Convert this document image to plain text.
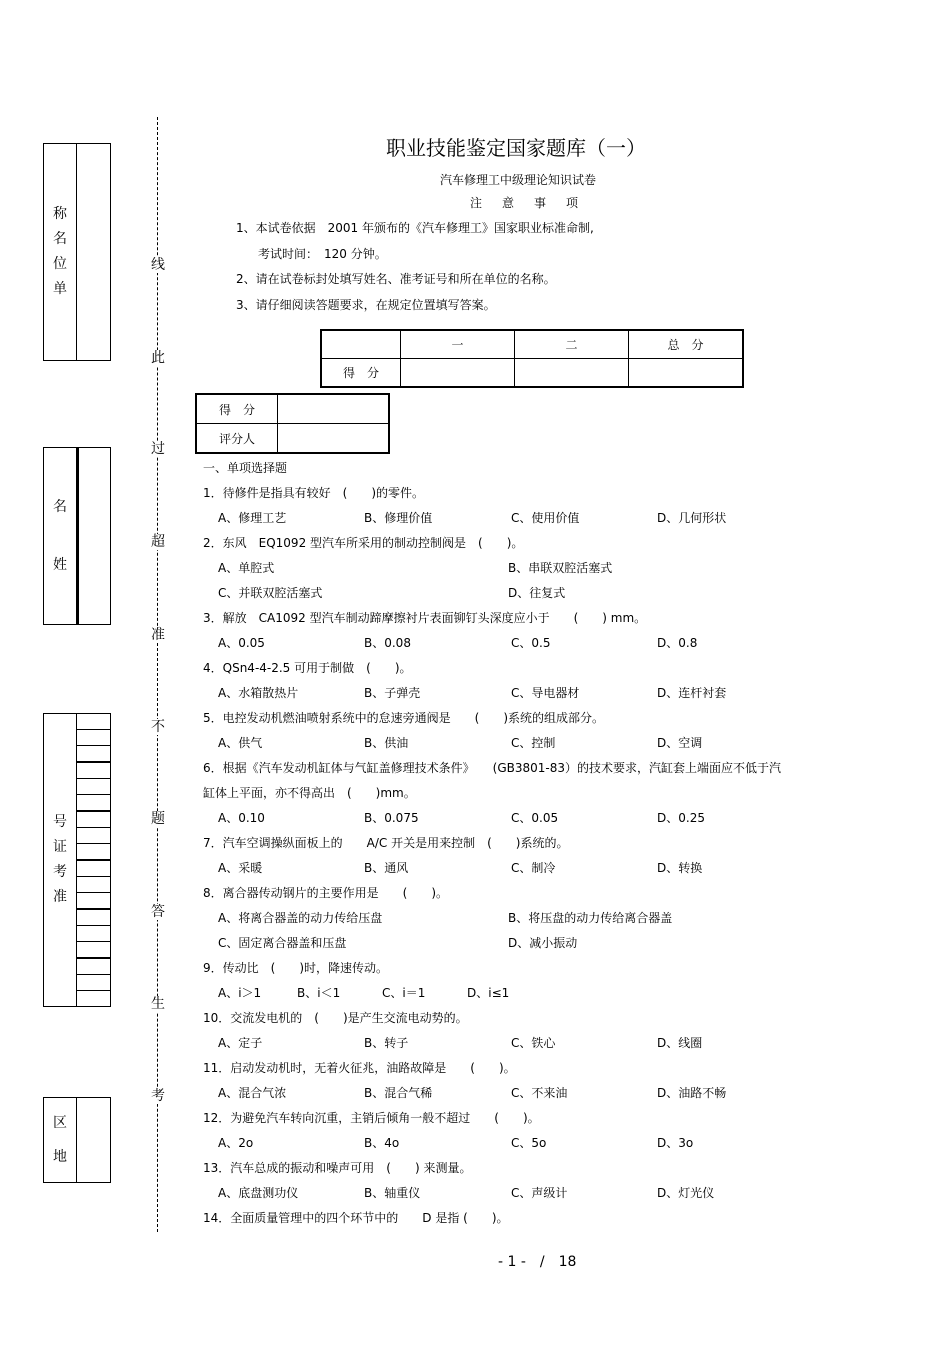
称
名
位
单
名
姓
号
证
考
准
区
地
线
此
过
超
准
不
题
答
生
考
职业技能鉴定国家题库（一）
汽车修理工中级理论知识试卷
注意事项
1、本试卷依据　2001 年颁布的《汽车修理工》国家职业标准命制,
考试时间：　120 分钟。
2、请在试卷标封处填写姓名、准考证号和所在单位的名称。
3、请仔细阅读答题要求，在规定位置填写答案。
	一	二	总　分
得　分			
得　分	
评分人	
一、单项选择题
1．待修件是指具有较好　(　　)的零件。
A、修理工艺	B、修理价值	C、使用价值	D、几何形状
2．东风　EQ1092 型汽车所采用的制动控制阀是　(　　)。
A、单腔式	B、串联双腔活塞式
C、并联双腔活塞式	D、往复式
3．解放　CA1092 型汽车制动蹄摩擦衬片表面铆钉头深度应小于　　(　　) mm。
A、0.05	B、0.08	C、0.5	D、0.8
4．QSn4-4-2.5 可用于制做　(　　)。
A、水箱散热片	B、子弹壳	C、导电器材	D、连杆衬套
5．电控发动机燃油喷射系统中的怠速旁通阀是　　(　　)系统的组成部分。
A、供气	B、供油	C、控制	D、空调
6．根据《汽车发动机缸体与气缸盖修理技术条件》　　(GB3801-83）的技术要求，汽缸套上端面应不低于汽
缸体上平面，亦不得高出　(　　)mm。
A、0.10	B、0.075	C、0.05	D、0.25
7．汽车空调操纵面板上的　　A/C 开关是用来控制　(　　)系统的。
A、采暖	B、通风	C、制冷	D、转换
8．离合器传动钢片的主要作用是　　(　　)。
A、将离合器盖的动力传给压盘	B、将压盘的动力传给离合器盖
C、固定离合器盖和压盘	D、减小振动
9．传动比　(　　)时，降速传动。
A、i＞1	B、i＜1	C、i＝1	D、i≤1
10．交流发电机的　(　　)是产生交流电动势的。
A、定子	B、转子	C、铁心	D、线圈
11．启动发动机时，无着火征兆，油路故障是　　(　　)。
A、混合气浓	B、混合气稀	C、不来油	D、油路不畅
12．为避免汽车转向沉重，主销后倾角一般不超过　　(　　)。
A、2o	B、4o	C、5o	D、3o
13．汽车总成的振动和噪声可用　(　　) 来测量。
A、底盘测功仪	B、轴重仪	C、声级计	D、灯光仪
14．全面质量管理中的四个环节中的　　D 是指 (　　)。
- 1 -　/　18
